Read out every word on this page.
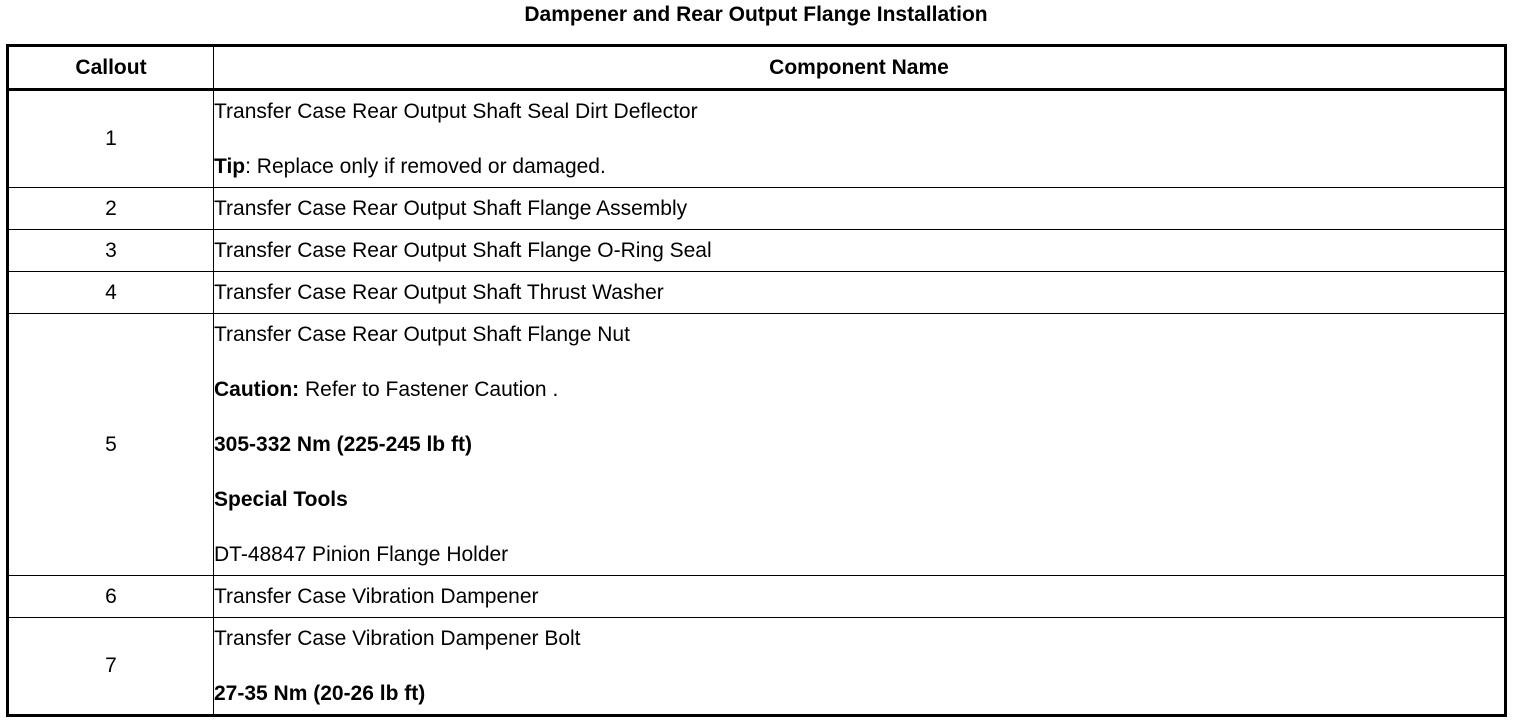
Dampener and Rear Output Flange Installation
Callout	Component Name
1	Transfer Case Rear Output Shaft Seal Dirt Deflector
Tip: Replace only if removed or damaged.

2	Transfer Case Rear Output Shaft Flange Assembly

3	Transfer Case Rear Output Shaft Flange O-Ring Seal

4	Transfer Case Rear Output Shaft Thrust Washer

5	Transfer Case Rear Output Shaft Flange Nut
Caution: Refer to Fastener Caution .
305-332 Nm (225-245 lb ft)
Special Tools
DT-48847 Pinion Flange Holder

6	Transfer Case Vibration Dampener

7	Transfer Case Vibration Dampener Bolt
27-35 Nm (20-26 lb ft)
